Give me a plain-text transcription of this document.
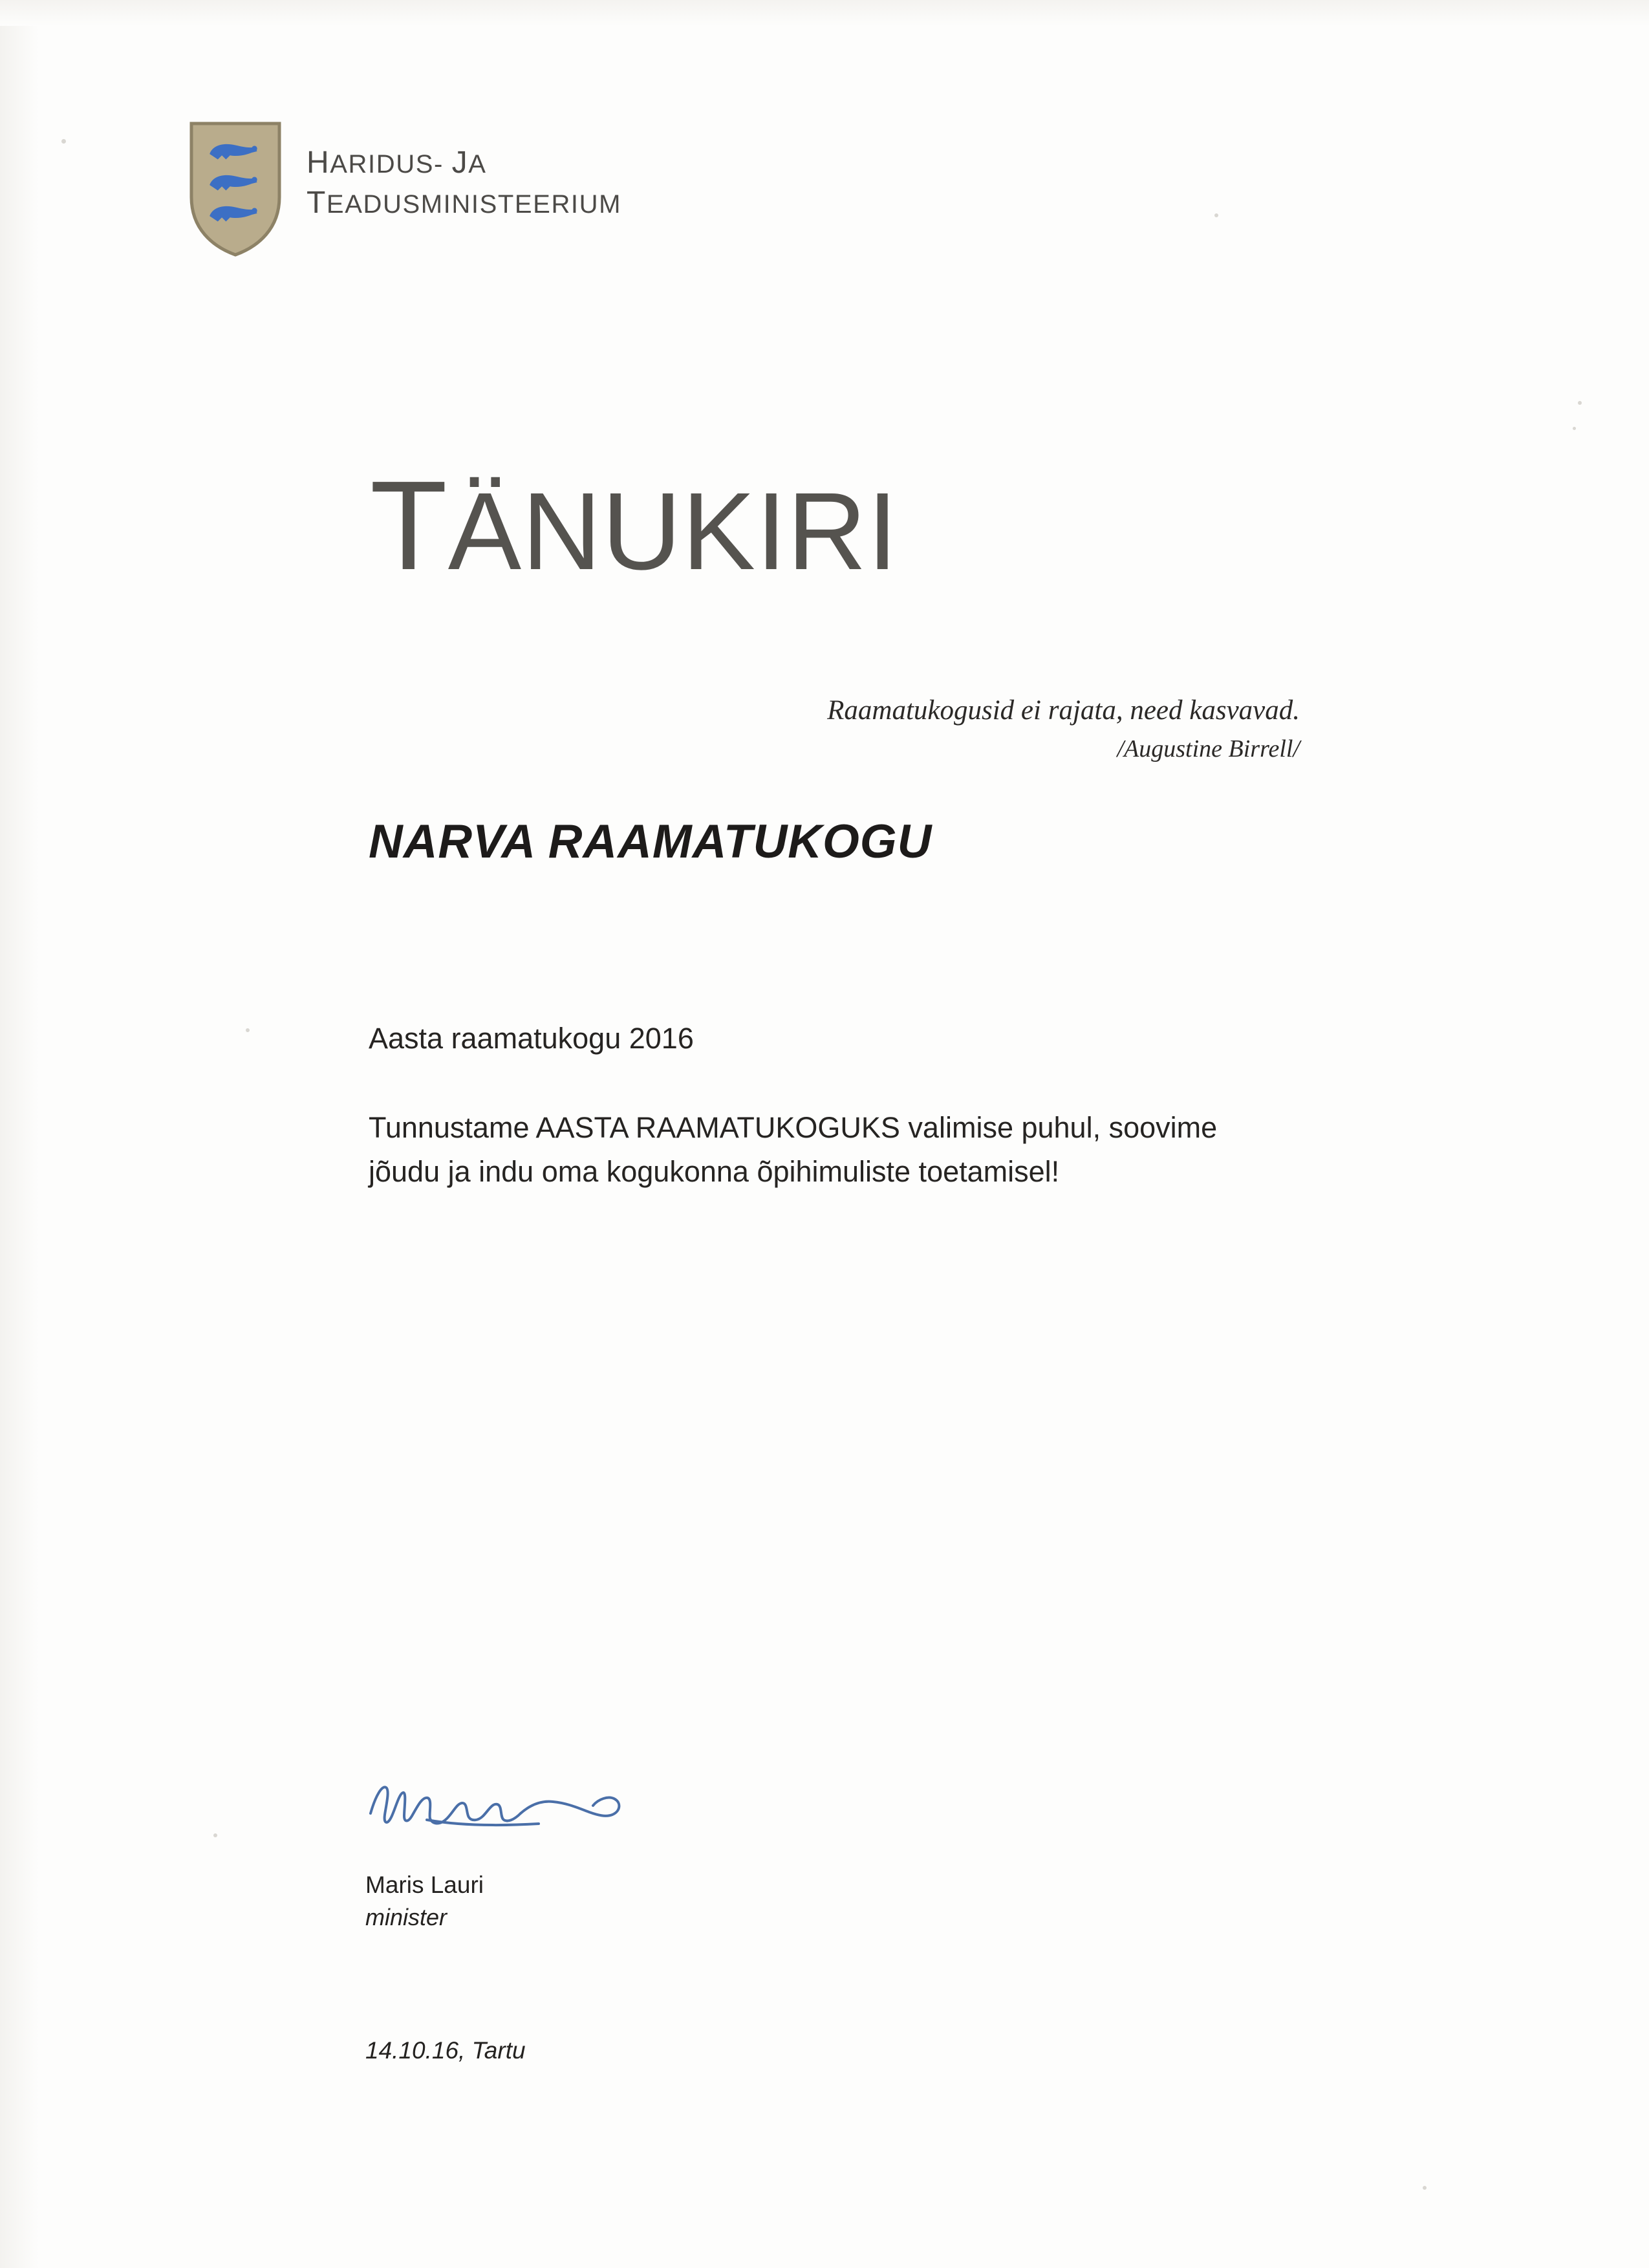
HARIDUS- JA
TEADUSMINISTEERIUM
TÄNUKIRI
Raamatukogusid ei rajata, need kasvavad.
/Augustine Birrell/
NARVA RAAMATUKOGU
Aasta raamatukogu 2016
Tunnustame AASTA RAAMATUKOGUKS valimise puhul, soovime jõudu ja indu oma kogukonna õpihimuliste toetamisel!
Maris Lauri
minister
14.10.16, Tartu
